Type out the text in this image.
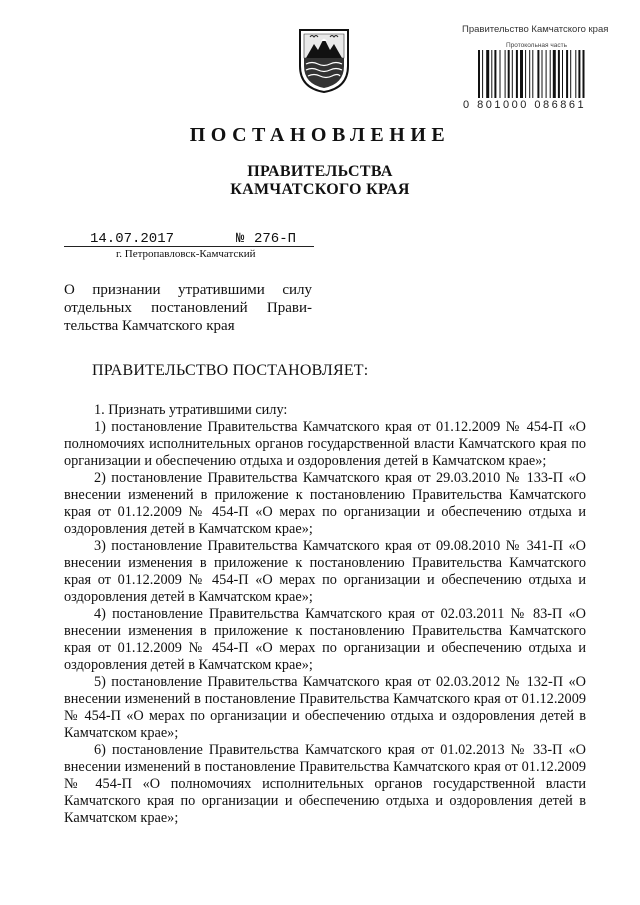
Правительство Камчатского края
Протокольная часть
0 801000 086861
ПОСТАНОВЛЕНИЕ
ПРАВИТЕЛЬСТВА
КАМЧАТСКОГО КРАЯ
14.07.2017	№ 276-П
г. Петропавловск-Камчатский
О признании утратившими силу
отдельных постановлений Прави-
тельства Камчатского края
ПРАВИТЕЛЬСТВО ПОСТАНОВЛЯЕТ:

1. Признать утратившими силу:

1) постановление Правительства Камчатского края от 01.12.2009 № 454-П «О полномочиях исполнительных органов государственной власти Камчатского края по организации и обеспечению отдыха и оздоровления детей в Камчатском крае»;

2) постановление Правительства Камчатского края от 29.03.2010 № 133-П «О внесении изменений в приложение к постановлению Правительства Камчатского края от 01.12.2009 № 454-П «О мерах по организации и обеспечению отдыха и оздоровления детей в Камчатском крае»;

3) постановление Правительства Камчатского края от 09.08.2010 № 341-П «О внесении изменения в приложение к постановлению Правительства Камчатского края от 01.12.2009 № 454-П «О мерах по организации и обеспечению отдыха и оздоровления детей в Камчатском крае»;

4) постановление Правительства Камчатского края от 02.03.2011 № 83-П «О внесении изменения в приложение к постановлению Правительства Камчатского края от 01.12.2009 № 454-П «О мерах по организации и обеспечению отдыха и оздоровления детей в Камчатском крае»;

5) постановление Правительства Камчатского края от 02.03.2012 № 132-П «О внесении изменений в постановление Правительства Камчатского края от 01.12.2009 № 454-П «О мерах по организации и обеспечению отдыха и оздоровления детей в Камчатском крае»;

6) постановление Правительства Камчатского края от 01.02.2013 № 33-П «О внесении изменений в постановление Правительства Камчатского края от 01.12.2009 № 454-П «О полномочиях исполнительных органов государственной власти Камчатского края по организации и обеспечению отдыха и оздоровления детей в Камчатском крае»;
